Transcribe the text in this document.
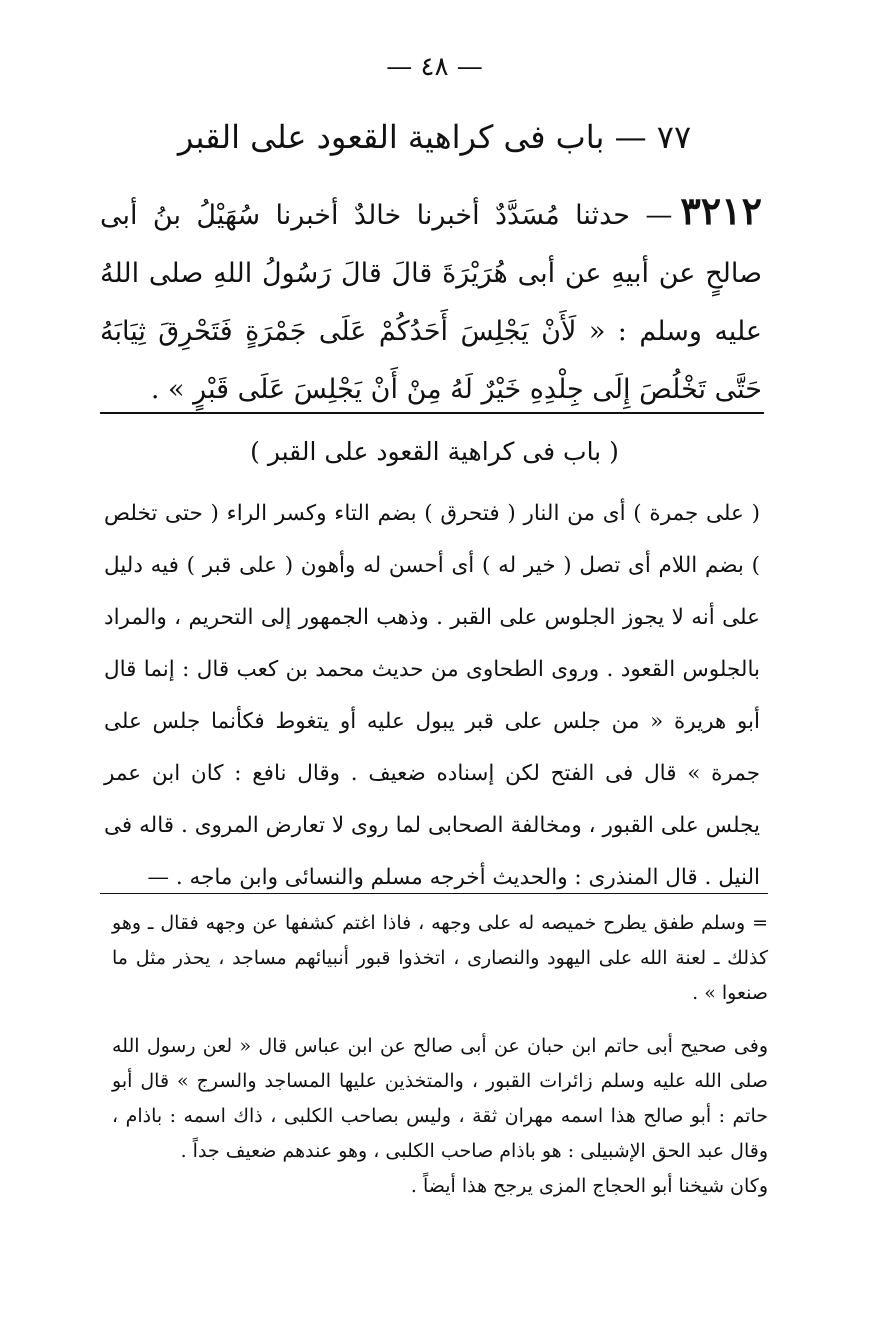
— ٤٨ —
٧٧ — باب فى كراهية القعود على القبر
٣٢١٢— حدثنا مُسَدَّدٌ أخبرنا خالدٌ أخبرنا سُهَيْلُ بنُ أبى صالحٍ عن أبيهِ عن أبى هُرَيْرَةَ قالَ قالَ رَسُولُ اللهِ صلى اللهُ عليه وسلم : « لَأَنْ يَجْلِسَ أَحَدُكُمْ عَلَى جَمْرَةٍ فَتَحْرِقَ ثِيَابَهُ حَتَّى تَخْلُصَ إِلَى جِلْدِهِ خَيْرٌ لَهُ مِنْ أَنْ يَجْلِسَ عَلَى قَبْرٍ » .
( باب فى كراهية القعود على القبر )
( على جمرة ) أى من النار ( فتحرق ) بضم التاء وكسر الراء ( حتى تخلص ) بضم اللام أى تصل ( خير له ) أى أحسن له وأهون ( على قبر ) فيه دليل على أنه لا يجوز الجلوس على القبر . وذهب الجمهور إلى التحريم ، والمراد بالجلوس القعود . وروى الطحاوى من حديث محمد بن كعب قال : إنما قال أبو هريرة « من جلس على قبر يبول عليه أو يتغوط فكأنما جلس على جمرة » قال فى الفتح لكن إسناده ضعيف . وقال نافع : كان ابن عمر يجلس على القبور ، ومخالفة الصحابى لما روى لا تعارض المروى . قاله فى النيل . قال المنذرى : والحديث أخرجه مسلم والنسائى وابن ماجه . —

= وسلم طفق يطرح خميصه له على وجهه ، فاذا اغتم كشفها عن وجهه فقال ـ وهو كذلك ـ لعنة الله على اليهود والنصارى ، اتخذوا قبور أنبيائهم مساجد ، يحذر مثل ما صنعوا » .

وفى صحيح أبى حاتم ابن حبان عن أبى صالح عن ابن عباس قال « لعن رسول الله صلى الله عليه وسلم زائرات القبور ، والمتخذين عليها المساجد والسرج » قال أبو حاتم : أبو صالح هذا اسمه مهران ثقة ، وليس بصاحب الكلبى ، ذاك اسمه : باذام ، وقال عبد الحق الإشبيلى : هو باذام صاحب الكلبى ، وهو عندهم ضعيف جداً .

وكان شيخنا أبو الحجاج المزى يرجح هذا أيضاً .
